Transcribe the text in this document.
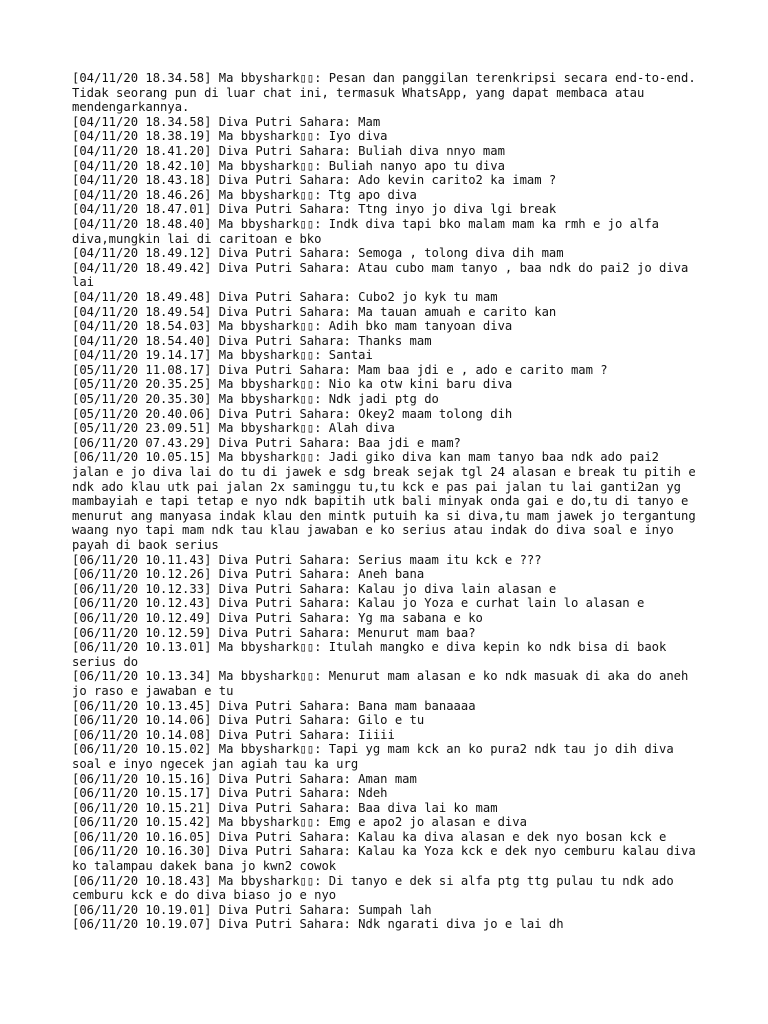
[04/11/20 18.34.58] Ma bbyshark▯▯: Pesan dan panggilan terenkripsi secara end-to-end. Tidak seorang pun di luar chat ini, termasuk WhatsApp, yang dapat membaca atau mendengarkannya.
[04/11/20 18.34.58] Diva Putri Sahara: Mam
[04/11/20 18.38.19] Ma bbyshark▯▯: Iyo diva
[04/11/20 18.41.20] Diva Putri Sahara: Buliah diva nnyo mam
[04/11/20 18.42.10] Ma bbyshark▯▯: Buliah nanyo apo tu diva
[04/11/20 18.43.18] Diva Putri Sahara: Ado kevin carito2 ka imam ?
[04/11/20 18.46.26] Ma bbyshark▯▯: Ttg apo diva
[04/11/20 18.47.01] Diva Putri Sahara: Ttng inyo jo diva lgi break
[04/11/20 18.48.40] Ma bbyshark▯▯: Indk diva tapi bko malam mam ka rmh e jo alfa diva,mungkin lai di caritoan e bko
[04/11/20 18.49.12] Diva Putri Sahara: Semoga , tolong diva dih mam
[04/11/20 18.49.42] Diva Putri Sahara: Atau cubo mam tanyo , baa ndk do pai2 jo diva lai
[04/11/20 18.49.48] Diva Putri Sahara: Cubo2 jo kyk tu mam
[04/11/20 18.49.54] Diva Putri Sahara: Ma tauan amuah e carito kan
[04/11/20 18.54.03] Ma bbyshark▯▯: Adih bko mam tanyoan diva
[04/11/20 18.54.40] Diva Putri Sahara: Thanks mam
[04/11/20 19.14.17] Ma bbyshark▯▯: Santai
[05/11/20 11.08.17] Diva Putri Sahara: Mam baa jdi e , ado e carito mam ?
[05/11/20 20.35.25] Ma bbyshark▯▯: Nio ka otw kini baru diva
[05/11/20 20.35.30] Ma bbyshark▯▯: Ndk jadi ptg do
[05/11/20 20.40.06] Diva Putri Sahara: Okey2 maam tolong dih
[05/11/20 23.09.51] Ma bbyshark▯▯: Alah diva
[06/11/20 07.43.29] Diva Putri Sahara: Baa jdi e mam?
[06/11/20 10.05.15] Ma bbyshark▯▯: Jadi giko diva kan mam tanyo baa ndk ado pai2 jalan e jo diva lai do tu di jawek e sdg break sejak tgl 24 alasan e break tu pitih e ndk ado klau utk pai jalan 2x saminggu tu,tu kck e pas pai jalan tu lai ganti2an yg mambayiah e tapi tetap e nyo ndk bapitih utk bali minyak onda gai e do,tu di tanyo e menurut ang manyasa indak klau den mintk putuih ka si diva,tu mam jawek jo tergantung waang nyo tapi mam ndk tau klau jawaban e ko serius atau indak do diva soal e inyo payah di baok serius
[06/11/20 10.11.43] Diva Putri Sahara: Serius maam itu kck e ???
[06/11/20 10.12.26] Diva Putri Sahara: Aneh bana
[06/11/20 10.12.33] Diva Putri Sahara: Kalau jo diva lain alasan e
[06/11/20 10.12.43] Diva Putri Sahara: Kalau jo Yoza e curhat lain lo alasan e
[06/11/20 10.12.49] Diva Putri Sahara: Yg ma sabana e ko
[06/11/20 10.12.59] Diva Putri Sahara: Menurut mam baa?
[06/11/20 10.13.01] Ma bbyshark▯▯: Itulah mangko e diva kepin ko ndk bisa di baok serius do
[06/11/20 10.13.34] Ma bbyshark▯▯: Menurut mam alasan e ko ndk masuak di aka do aneh jo raso e jawaban e tu
[06/11/20 10.13.45] Diva Putri Sahara: Bana mam banaaaa
[06/11/20 10.14.06] Diva Putri Sahara: Gilo e tu
[06/11/20 10.14.08] Diva Putri Sahara: Iiiii
[06/11/20 10.15.02] Ma bbyshark▯▯: Tapi yg mam kck an ko pura2 ndk tau jo dih diva soal e inyo ngecek jan agiah tau ka urg
[06/11/20 10.15.16] Diva Putri Sahara: Aman mam
[06/11/20 10.15.17] Diva Putri Sahara: Ndeh
[06/11/20 10.15.21] Diva Putri Sahara: Baa diva lai ko mam
[06/11/20 10.15.42] Ma bbyshark▯▯: Emg e apo2 jo alasan e diva
[06/11/20 10.16.05] Diva Putri Sahara: Kalau ka diva alasan e dek nyo bosan kck e
[06/11/20 10.16.30] Diva Putri Sahara: Kalau ka Yoza kck e dek nyo cemburu kalau diva ko talampau dakek bana jo kwn2 cowok
[06/11/20 10.18.43] Ma bbyshark▯▯: Di tanyo e dek si alfa ptg ttg pulau tu ndk ado cemburu kck e do diva biaso jo e nyo
[06/11/20 10.19.01] Diva Putri Sahara: Sumpah lah
[06/11/20 10.19.07] Diva Putri Sahara: Ndk ngarati diva jo e lai dh
